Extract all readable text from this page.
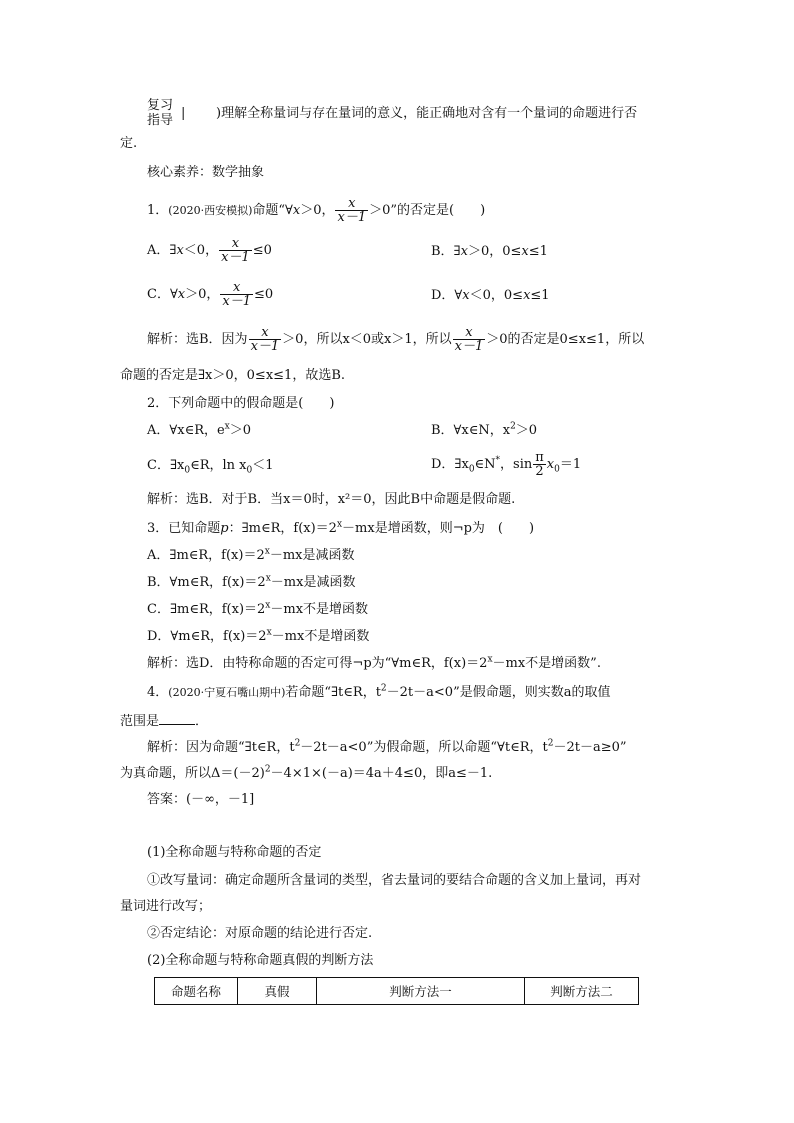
复习
指导 | )理解全称量词与存在量词的意义，能正确地对含有一个量词的命题进行否
定.
核心素养：数学抽象
1．(2020·西安模拟)命题“∀x＞0， $\frac{x}{x-1} >0$”的否定是(　　)
A．∃x＜0， $\frac{x}{x-1} \le 0$	B．∃x＞0，0≤x≤1
C．∀x＞0， $\frac{x}{x-1} \le 0$	D．∀x＜0，0≤x≤1
解析：选B．因为 $\frac{x}{x-1} >0$，所以x＜0或x＞1，所以 $\frac{x}{x-1} >0$的否定是0≤x≤1，所以
命题的否定是∃x＞0，0≤x≤1，故选B.
2．下列命题中的假命题是(　　)
A．∀x∈R，$e^x>0$	B．∀x∈N，$x^2>0$
C．$\exists x_0\in R$，$\ln x_0<1$	D．$\exists x_0\in N^*$，$\sin \frac{\pi}{2} x_0=1$
解析：选B．对于B．当x＝0时，x²＝0，因此B中命题是假命题.
3．已知命题p：∃m∈R，$f(x)=2^x-mx$是增函数，则¬p为　(　　)
A．∃m∈R，$f(x)=2^x-mx$是减函数
B．∀m∈R，$f(x)=2^x-mx$是减函数
C．∃m∈R，$f(x)=2^x-mx$不是增函数
D．∀m∈R，$f(x)=2^x-mx$不是增函数
解析：选D．由特称命题的否定可得¬p为“∀m∈R，$f(x)=2^x-mx$不是增函数”.
4．(2020·宁夏石嘴山期中)若命题“∃t∈R，$t^2-2t-a<0$”是假命题，则实数a的取值
范围是	．
解析：因为命题“∃t∈R，$t^2-2t-a<0$”为假命题，所以命题“∀t∈R，$t^2-2t-a\ge 0$”
为真命题，所以$\Delta=(-2)^2-4\times 1\times(-a)=4a+4\le 0$，即a≤－1.
答案：(－∞，－1]
(1)全称命题与特称命题的否定
①改写量词：确定命题所含量词的类型，省去量词的要结合命题的含义加上量词，再对
量词进行改写；
②否定结论：对原命题的结论进行否定.
(2)全称命题与特称命题真假的判断方法
命题名称	真假	判断方法一	判断方法二
